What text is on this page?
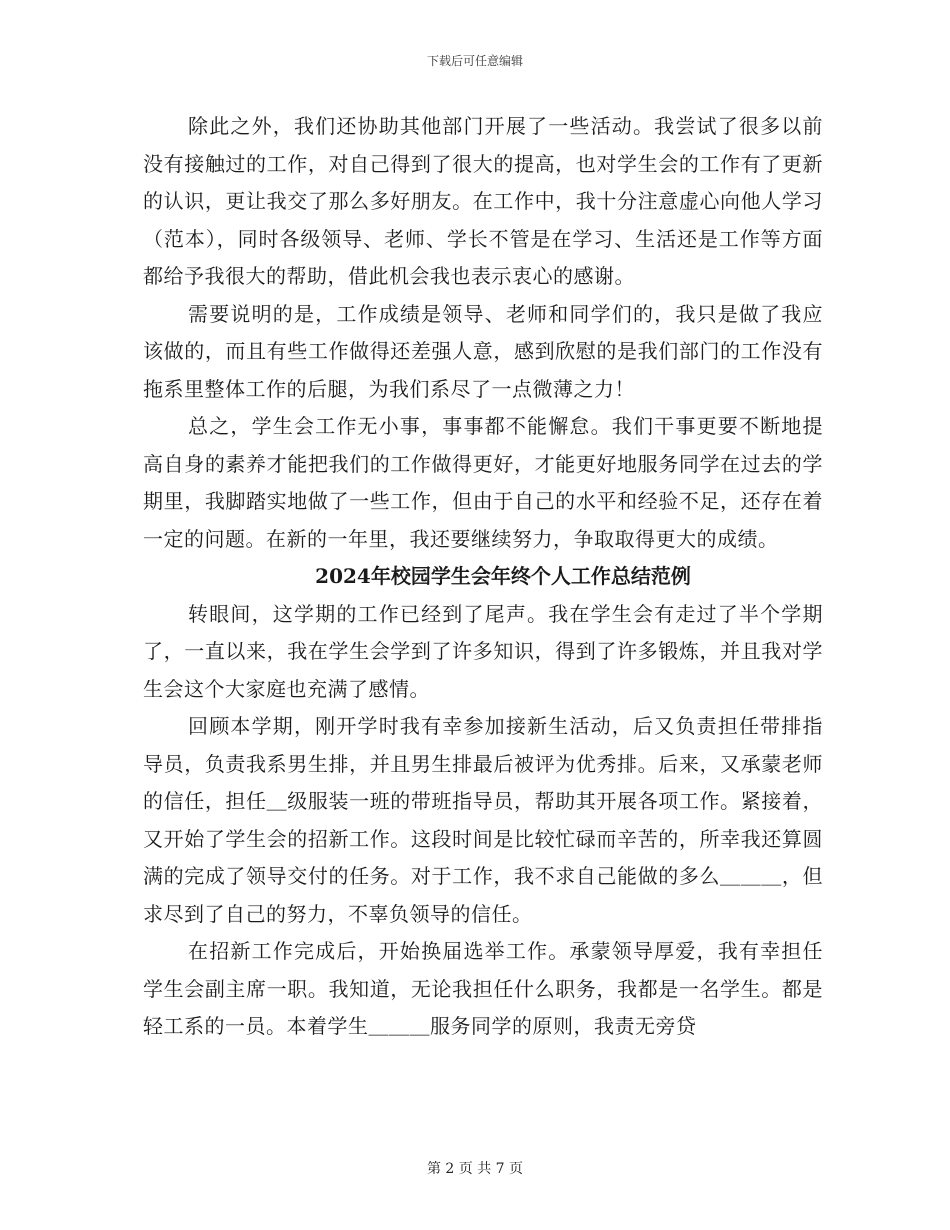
下载后可任意编辑

除此之外，我们还协助其他部门开展了一些活动。我尝试了很多以前没有接触过的工作，对自己得到了很大的提高，也对学生会的工作有了更新的认识，更让我交了那么多好朋友。在工作中，我十分注意虚心向他人学习（范本），同时各级领导、老师、学长不管是在学习、生活还是工作等方面都给予我很大的帮助，借此机会我也表示衷心的感谢。

需要说明的是，工作成绩是领导、老师和同学们的，我只是做了我应该做的，而且有些工作做得还差强人意，感到欣慰的是我们部门的工作没有拖系里整体工作的后腿，为我们系尽了一点微薄之力！

总之，学生会工作无小事，事事都不能懈怠。我们干事更要不断地提高自身的素养才能把我们的工作做得更好，才能更好地服务同学在过去的学期里，我脚踏实地做了一些工作，但由于自己的水平和经验不足，还存在着一定的问题。在新的一年里，我还要继续努力，争取取得更大的成绩。

2024年校园学生会年终个人工作总结范例

转眼间，这学期的工作已经到了尾声。我在学生会有走过了半个学期了，一直以来，我在学生会学到了许多知识，得到了许多锻炼，并且我对学生会这个大家庭也充满了感情。

回顾本学期，刚开学时我有幸参加接新生活动，后又负责担任带排指导员，负责我系男生排，并且男生排最后被评为优秀排。后来，又承蒙老师的信任，担任＿级服装一班的带班指导员，帮助其开展各项工作。紧接着，又开始了学生会的招新工作。这段时间是比较忙碌而辛苦的，所幸我还算圆满的完成了领导交付的任务。对于工作，我不求自己能做的多么＿＿＿，但求尽到了自己的努力，不辜负领导的信任。

在招新工作完成后，开始换届选举工作。承蒙领导厚爱，我有幸担任学生会副主席一职。我知道，无论我担任什么职务，我都是一名学生。都是轻工系的一员。本着学生＿＿＿服务同学的原则，我责无旁贷

第 2 页 共 7 页
